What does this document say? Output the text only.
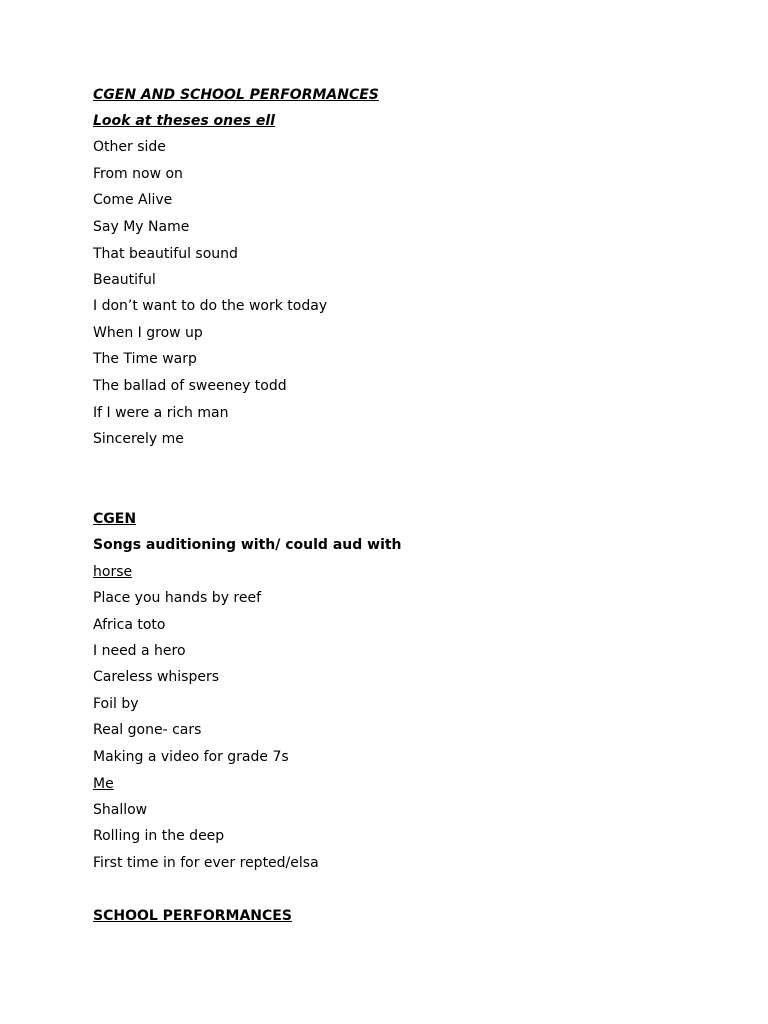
CGEN AND SCHOOL PERFORMANCES
Look at theses ones ell
Other side
From now on
Come Alive
Say My Name
That beautiful sound
Beautiful
I don’t want to do the work today
When I grow up
The Time warp
The ballad of sweeney todd
If I were a rich man
Sincerely me
CGEN
Songs auditioning with/ could aud with
horse
Place you hands by reef
Africa toto
I need a hero
Careless whispers
Foil by
Real gone- cars
Making a video for grade 7s
Me
Shallow
Rolling in the deep
First time in for ever repted/elsa
SCHOOL PERFORMANCES
